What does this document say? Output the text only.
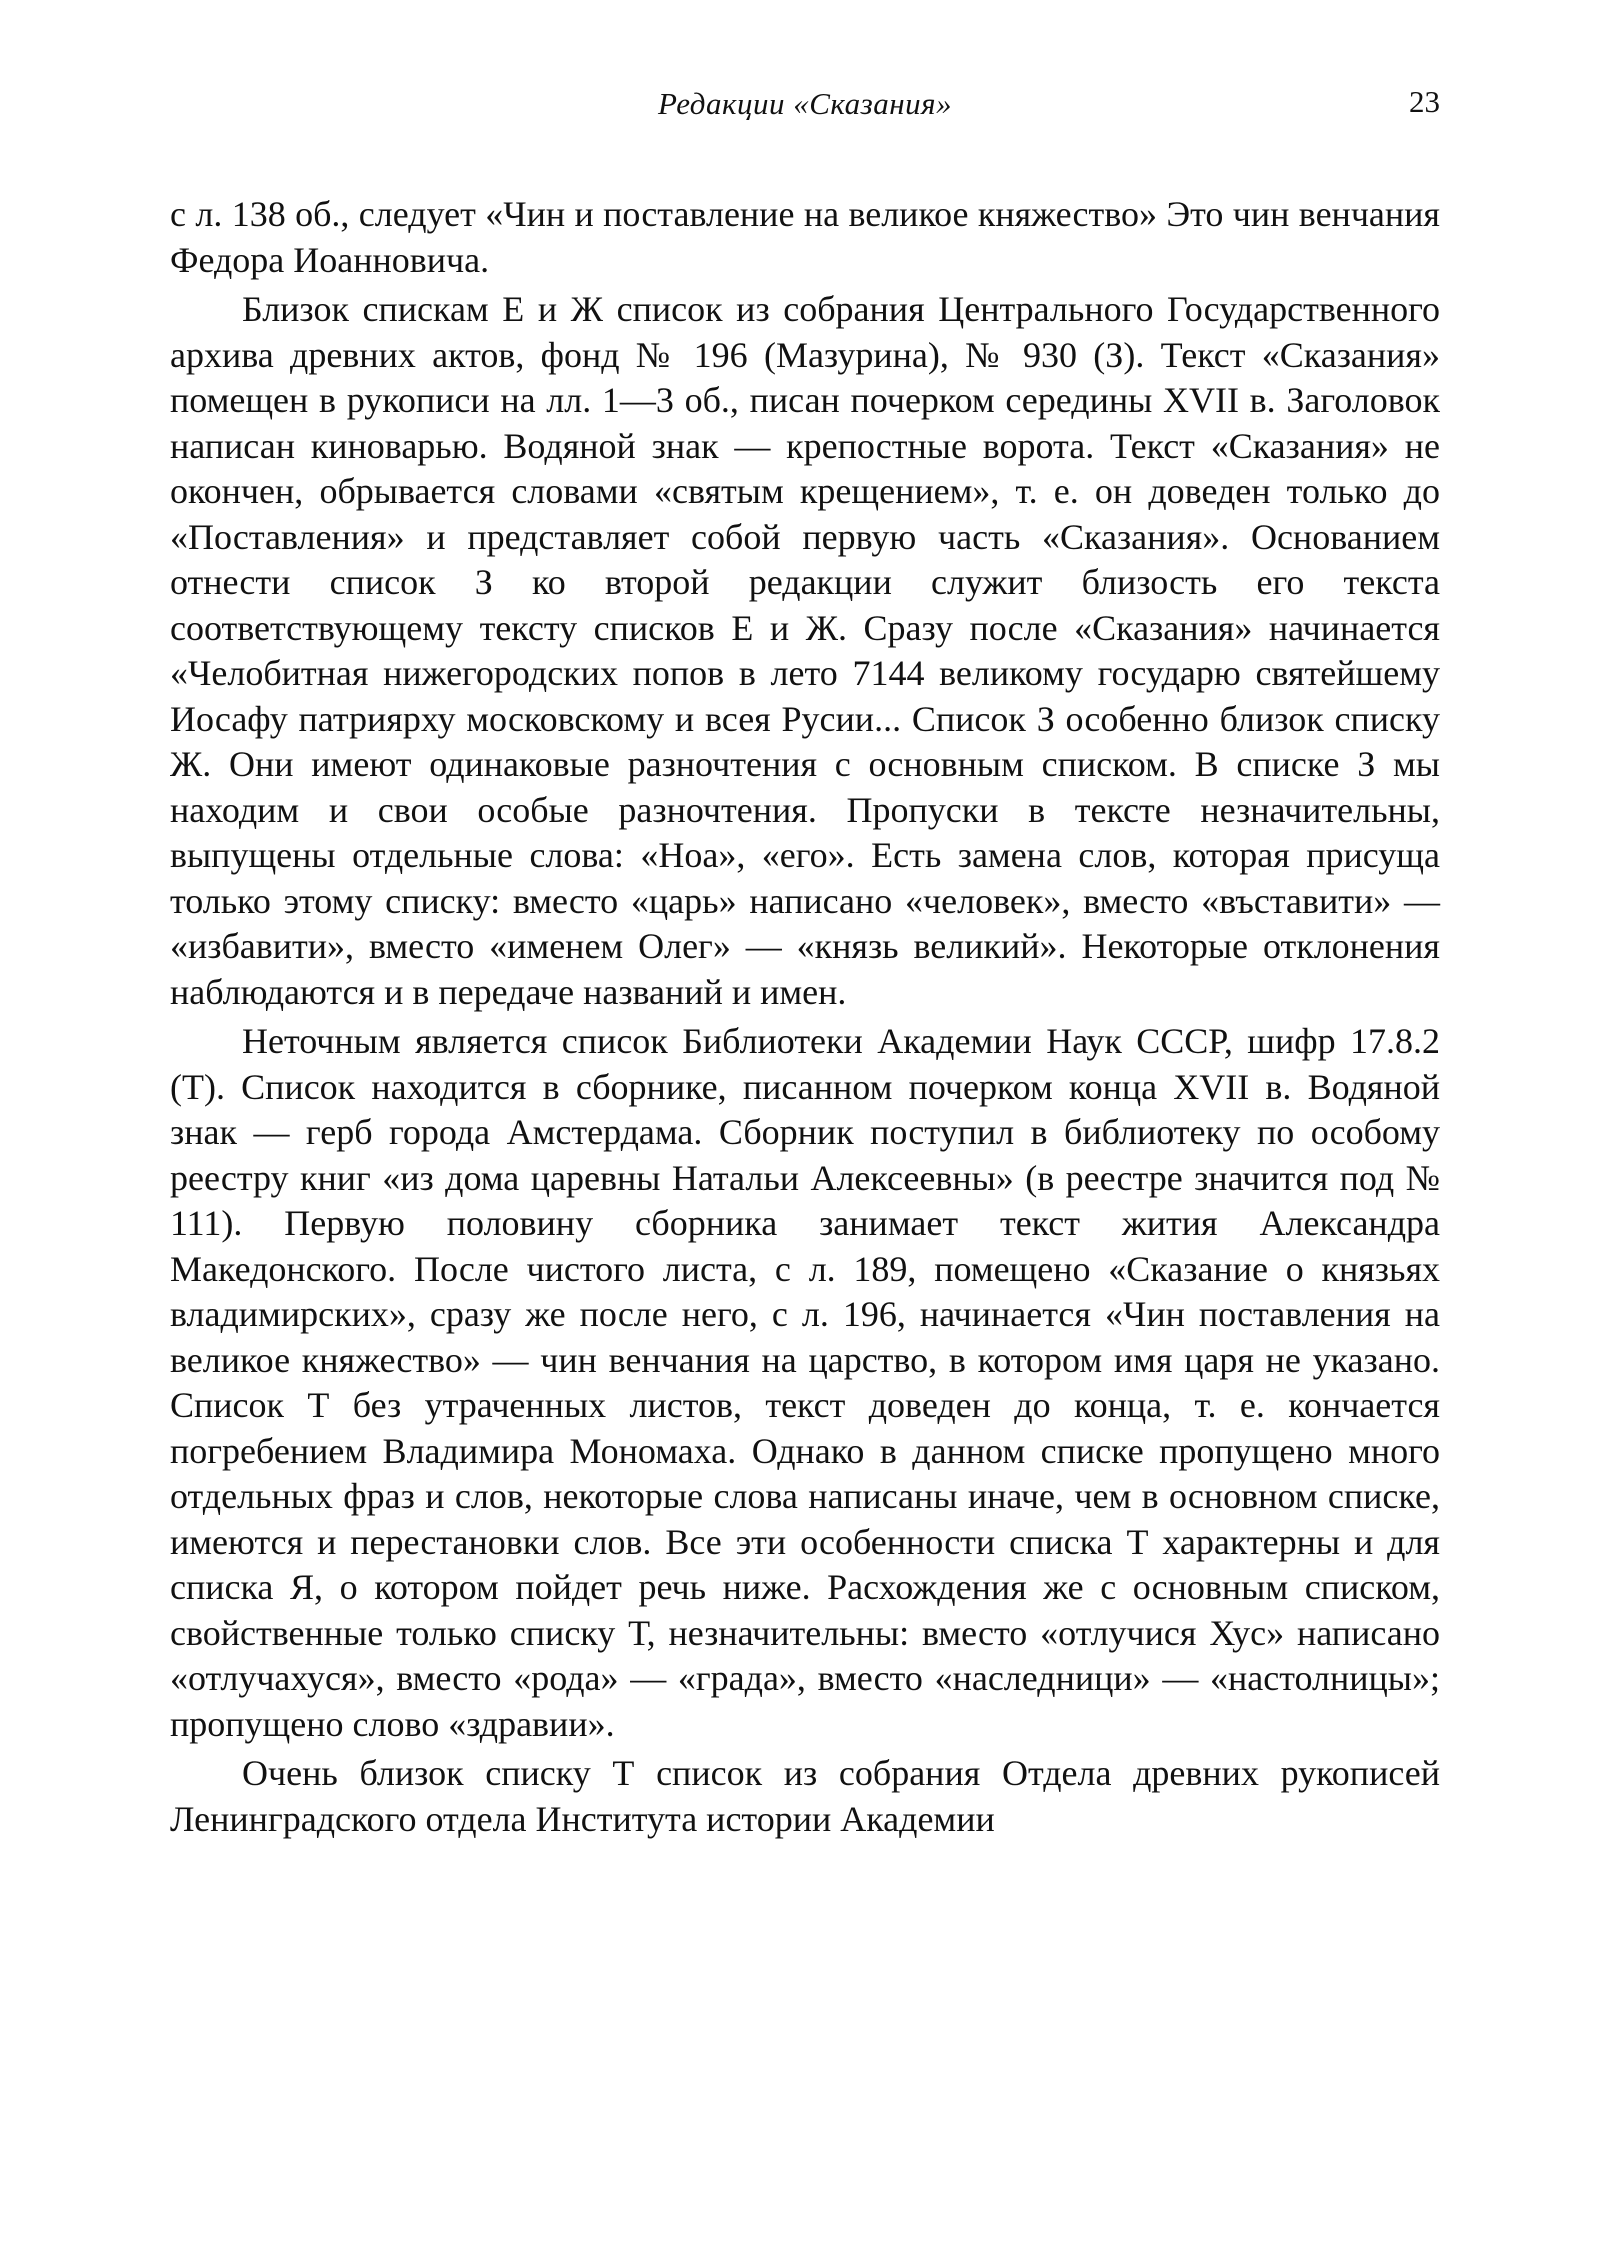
Редакции «Сказания»	23

с л. 138 об., следует «Чин и поставление на великое княжество» Это чин венчания Федора Иоанновича.

Близок спискам Е и Ж список из собрания Центрального Государственного архива древних актов, фонд № 196 (Мазурина), № 930 (З). Текст «Сказания» помещен в рукописи на лл. 1—3 об., писан почерком середины XVII в. Заголовок написан киноварью. Водяной знак — крепостные ворота. Текст «Сказания» не окончен, обрывается словами «святым крещением», т. е. он доведен только до «Поставления» и представляет собой первую часть «Сказания». Основанием отнести список З ко второй редакции служит близость его текста соответствующему тексту списков Е и Ж. Сразу после «Сказания» начинается «Челобитная нижегородских попов в лето 7144 великому государю святейшему Иосафу патриярху московскому и всея Русии... Список З особенно близок списку Ж. Они имеют одинаковые разночтения с основным списком. В списке З мы находим и свои особые разночтения. Пропуски в тексте незначительны, выпущены отдельные слова: «Ноа», «его». Есть замена слов, которая присуща только этому списку: вместо «царь» написано «человек», вместо «въставити» — «избавити», вместо «именем Олег» — «князь великий». Некоторые отклонения наблюдаются и в передаче названий и имен.

Неточным является список Библиотеки Академии Наук СССР, шифр 17.8.2 (Т). Список находится в сборнике, писанном почерком конца XVII в. Водяной знак — герб города Амстердама. Сборник поступил в библиотеку по особому реестру книг «из дома царевны Натальи Алексеевны» (в реестре значится под № 111). Первую половину сборника занимает текст жития Александра Македонского. После чистого листа, с л. 189, помещено «Сказание о князьях владимирских», сразу же после него, с л. 196, начинается «Чин поставления на великое княжество» — чин венчания на царство, в котором имя царя не указано. Список Т без утраченных листов, текст доведен до конца, т. е. кончается погребением Владимира Мономаха. Однако в данном списке пропущено много отдельных фраз и слов, некоторые слова написаны иначе, чем в основном списке, имеются и перестановки слов. Все эти особенности списка Т характерны и для списка Я, о котором пойдет речь ниже. Расхождения же с основным списком, свойственные только списку Т, незначительны: вместо «отлучися Хус» написано «отлучахуся», вместо «рода» — «града», вместо «наследници» — «настолницы»; пропущено слово «здравии».

Очень близок списку Т список из собрания Отдела древних рукописей Ленинградского отдела Института истории Академии
